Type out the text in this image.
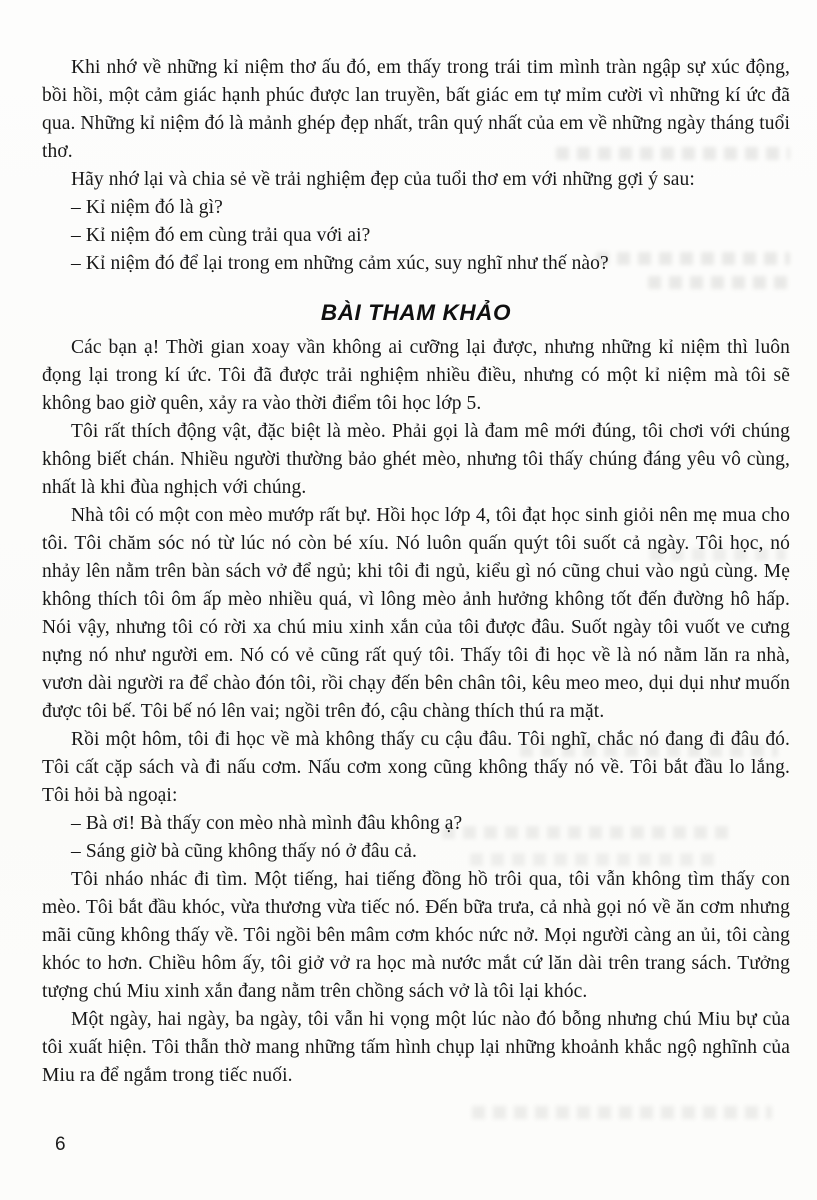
Khi nhớ về những kỉ niệm thơ ấu đó, em thấy trong trái tim mình tràn ngập sự xúc động, bồi hồi, một cảm giác hạnh phúc được lan truyền, bất giác em tự mỉm cười vì những kí ức đã qua. Những kỉ niệm đó là mảnh ghép đẹp nhất, trân quý nhất của em về những ngày tháng tuổi thơ.

Hãy nhớ lại và chia sẻ về trải nghiệm đẹp của tuổi thơ em với những gợi ý sau:

– Kỉ niệm đó là gì?

– Kỉ niệm đó em cùng trải qua với ai?

– Kỉ niệm đó để lại trong em những cảm xúc, suy nghĩ như thế nào?

BÀI THAM KHẢO

Các bạn ạ! Thời gian xoay vần không ai cưỡng lại được, nhưng những kỉ niệm thì luôn đọng lại trong kí ức. Tôi đã được trải nghiệm nhiều điều, nhưng có một kỉ niệm mà tôi sẽ không bao giờ quên, xảy ra vào thời điểm tôi học lớp 5.

Tôi rất thích động vật, đặc biệt là mèo. Phải gọi là đam mê mới đúng, tôi chơi với chúng không biết chán. Nhiều người thường bảo ghét mèo, nhưng tôi thấy chúng đáng yêu vô cùng, nhất là khi đùa nghịch với chúng.

Nhà tôi có một con mèo mướp rất bự. Hồi học lớp 4, tôi đạt học sinh giỏi nên mẹ mua cho tôi. Tôi chăm sóc nó từ lúc nó còn bé xíu. Nó luôn quấn quýt tôi suốt cả ngày. Tôi học, nó nhảy lên nằm trên bàn sách vở để ngủ; khi tôi đi ngủ, kiểu gì nó cũng chui vào ngủ cùng. Mẹ không thích tôi ôm ấp mèo nhiều quá, vì lông mèo ảnh hưởng không tốt đến đường hô hấp. Nói vậy, nhưng tôi có rời xa chú miu xinh xắn của tôi được đâu. Suốt ngày tôi vuốt ve cưng nựng nó như người em. Nó có vẻ cũng rất quý tôi. Thấy tôi đi học về là nó nằm lăn ra nhà, vươn dài người ra để chào đón tôi, rồi chạy đến bên chân tôi, kêu meo meo, dụi dụi như muốn được tôi bế. Tôi bế nó lên vai; ngồi trên đó, cậu chàng thích thú ra mặt.

Rồi một hôm, tôi đi học về mà không thấy cu cậu đâu. Tôi nghĩ, chắc nó đang đi đâu đó. Tôi cất cặp sách và đi nấu cơm. Nấu cơm xong cũng không thấy nó về. Tôi bắt đầu lo lắng. Tôi hỏi bà ngoại:

– Bà ơi! Bà thấy con mèo nhà mình đâu không ạ?

– Sáng giờ bà cũng không thấy nó ở đâu cả.

Tôi nháo nhác đi tìm. Một tiếng, hai tiếng đồng hồ trôi qua, tôi vẫn không tìm thấy con mèo. Tôi bắt đầu khóc, vừa thương vừa tiếc nó. Đến bữa trưa, cả nhà gọi nó về ăn cơm nhưng mãi cũng không thấy về. Tôi ngồi bên mâm cơm khóc nức nở. Mọi người càng an ủi, tôi càng khóc to hơn. Chiều hôm ấy, tôi giở vở ra học mà nước mắt cứ lăn dài trên trang sách. Tưởng tượng chú Miu xinh xắn đang nằm trên chồng sách vở là tôi lại khóc.

Một ngày, hai ngày, ba ngày, tôi vẫn hi vọng một lúc nào đó bỗng nhưng chú Miu bự của tôi xuất hiện. Tôi thẫn thờ mang những tấm hình chụp lại những khoảnh khắc ngộ nghĩnh của Miu ra để ngắm trong tiếc nuối.

6
